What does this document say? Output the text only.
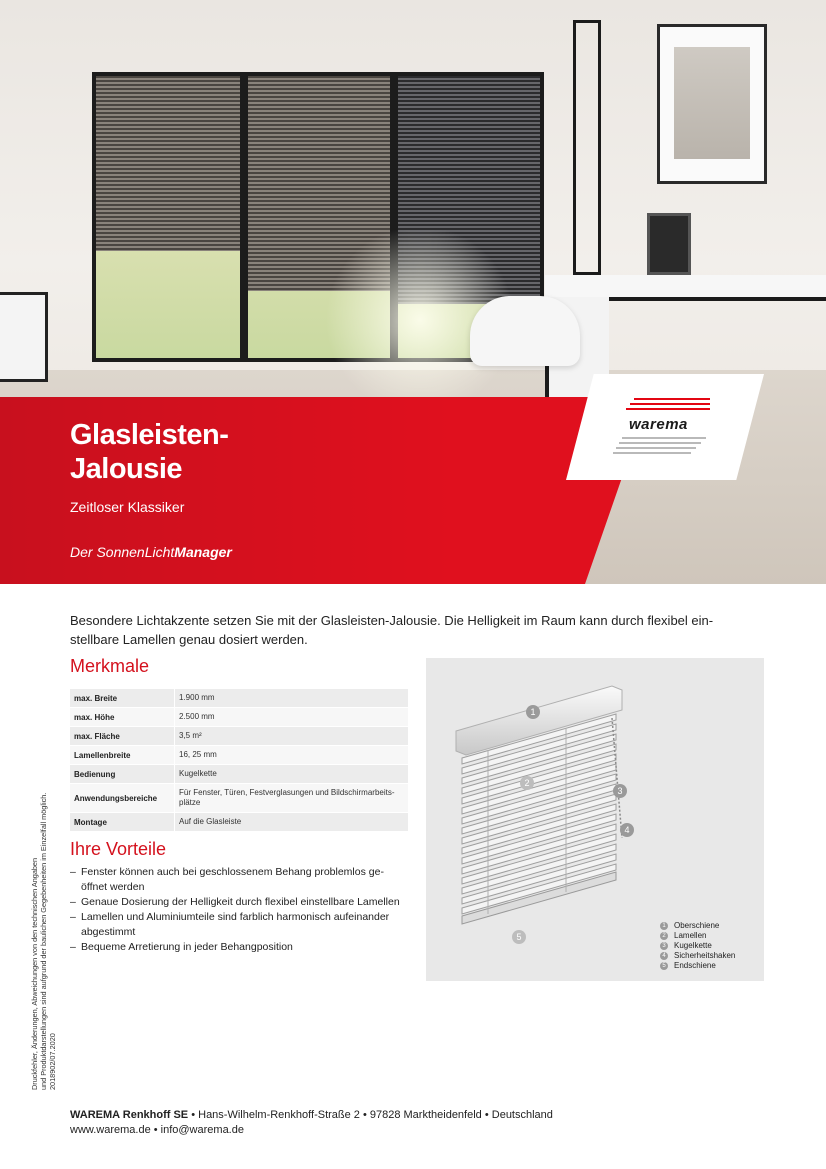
warema
Glasleisten-
Jalousie
Zeitloser Klassiker
Der SonnenLichtManager
Besondere Lichtakzente setzen Sie mit der Glasleisten-Jalousie. Die Helligkeit im Raum kann durch flexibel ein-stellbare Lamellen genau dosiert werden.
Merkmale
max. Breite	1.900 mm
max. Höhe	2.500 mm
max. Fläche	3,5 m²
Lamellenbreite	16, 25 mm
Bedienung	Kugelkette
Anwendungsbereiche	Für Fenster, Türen, Festverglasungen und Bildschirmarbeits-plätze
Montage	Auf die Glasleiste
Ihre Vorteile
– Fenster können auch bei geschlossenem Behang problemlos ge-öffnet werden
– Genaue Dosierung der Helligkeit durch flexibel einstellbare Lamellen
– Lamellen und Aluminiumteile sind farblich harmonisch aufeinander abgestimmt
– Bequeme Arretierung in jeder Behangposition
1
2
3
4
5
1 Oberschiene
2 Lamellen
3 Kugelkette
4 Sicherheitshaken
5 Endschiene
Druckfehler, Änderungen, Abweichungen von den technischen Angaben und Produktdarstellungen sind aufgrund der baulichen Gegebenheiten im Einzelfall möglich. 2018902/07.2020
WAREMA Renkhoff SE • Hans-Wilhelm-Renkhoff-Straße 2 • 97828 Marktheidenfeld • Deutschland
www.warema.de • info@warema.de
